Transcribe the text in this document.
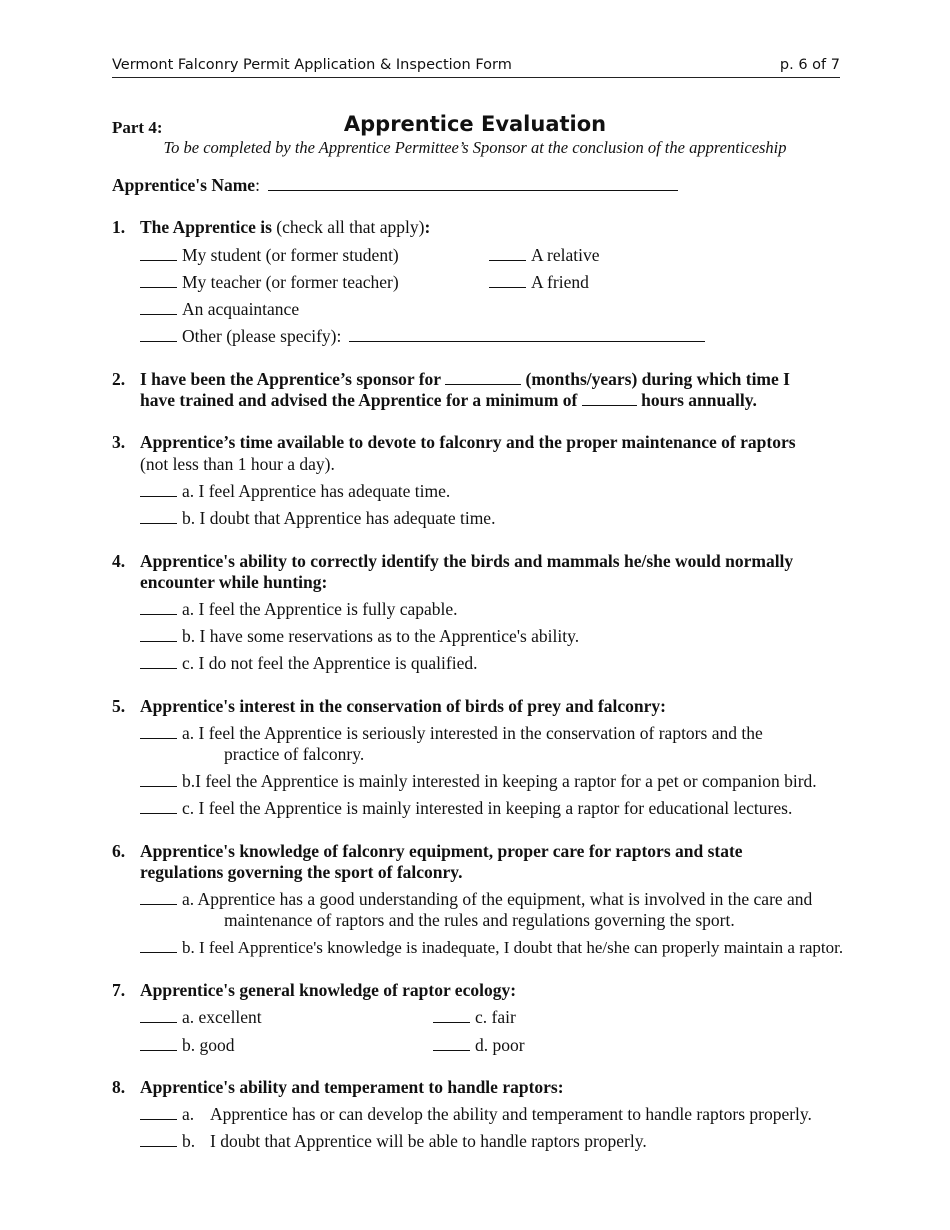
Vermont Falconry Permit Application & Inspection Form	p. 6 of 7
Part 4:	Apprentice Evaluation
To be completed by the Apprentice Permittee’s Sponsor at the conclusion of the apprenticeship
Apprentice's Name:
1. The Apprentice is (check all that apply):
My student (or former student)	A relative
My teacher (or former teacher)	A friend
An acquaintance
Other (please specify):
2. I have been the Apprentice’s sponsor for	(months/years) during which time I
have trained and advised the Apprentice for a minimum of	hours annually.
3. Apprentice’s time available to devote to falconry and the proper maintenance of raptors
(not less than 1 hour a day).
a. I feel Apprentice has adequate time.
b. I doubt that Apprentice has adequate time.
4. Apprentice's ability to correctly identify the birds and mammals he/she would normally
encounter while hunting:
a. I feel the Apprentice is fully capable.
b. I have some reservations as to the Apprentice's ability.
c. I do not feel the Apprentice is qualified.
5. Apprentice's interest in the conservation of birds of prey and falconry:
a. I feel the Apprentice is seriously interested in the conservation of raptors and the
practice of falconry.
b.I feel the Apprentice is mainly interested in keeping a raptor for a pet or companion bird.
c. I feel the Apprentice is mainly interested in keeping a raptor for educational lectures.
6. Apprentice's knowledge of falconry equipment, proper care for raptors and state
regulations governing the sport of falconry.
a. Apprentice has a good understanding of the equipment, what is involved in the care and
maintenance of raptors and the rules and regulations governing the sport.
b. I feel Apprentice's knowledge is inadequate, I doubt that he/she can properly maintain a raptor.
7. Apprentice's general knowledge of raptor ecology:
a. excellent	c. fair
b. good	d. poor
8. Apprentice's ability and temperament to handle raptors:
a. Apprentice has or can develop the ability and temperament to handle raptors properly.
b. I doubt that Apprentice will be able to handle raptors properly.
